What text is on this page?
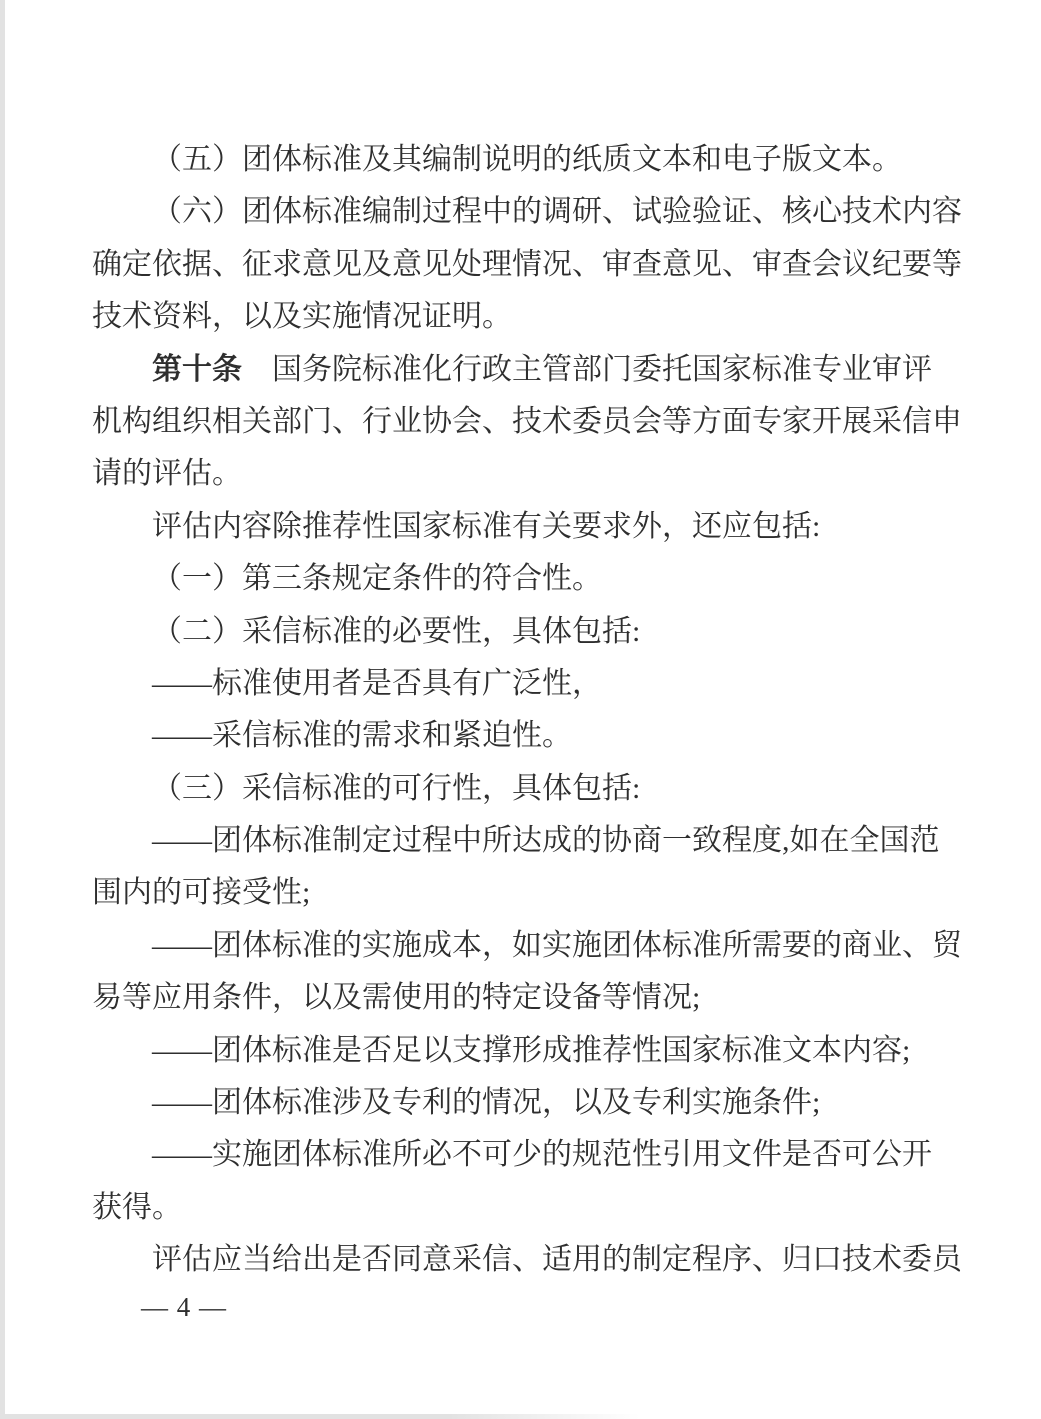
（五）团体标准及其编制说明的纸质文本和电子版文本。
（六）团体标准编制过程中的调研、试验验证、核心技术内容
确定依据、征求意见及意见处理情况、审查意见、审查会议纪要等
技术资料，以及实施情况证明。
第十条　国务院标准化行政主管部门委托国家标准专业审评
机构组织相关部门、行业协会、技术委员会等方面专家开展采信申
请的评估。
评估内容除推荐性国家标准有关要求外，还应包括:
（一）第三条规定条件的符合性。
（二）采信标准的必要性，具体包括:
——标准使用者是否具有广泛性，
——采信标准的需求和紧迫性。
（三）采信标准的可行性，具体包括:
——团体标准制定过程中所达成的协商一致程度,如在全国范
围内的可接受性;
——团体标准的实施成本，如实施团体标准所需要的商业、贸
易等应用条件，以及需使用的特定设备等情况;
——团体标准是否足以支撑形成推荐性国家标准文本内容;
——团体标准涉及专利的情况，以及专利实施条件;
——实施团体标准所必不可少的规范性引用文件是否可公开
获得。
评估应当给出是否同意采信、适用的制定程序、归口技术委员
— 4 —
